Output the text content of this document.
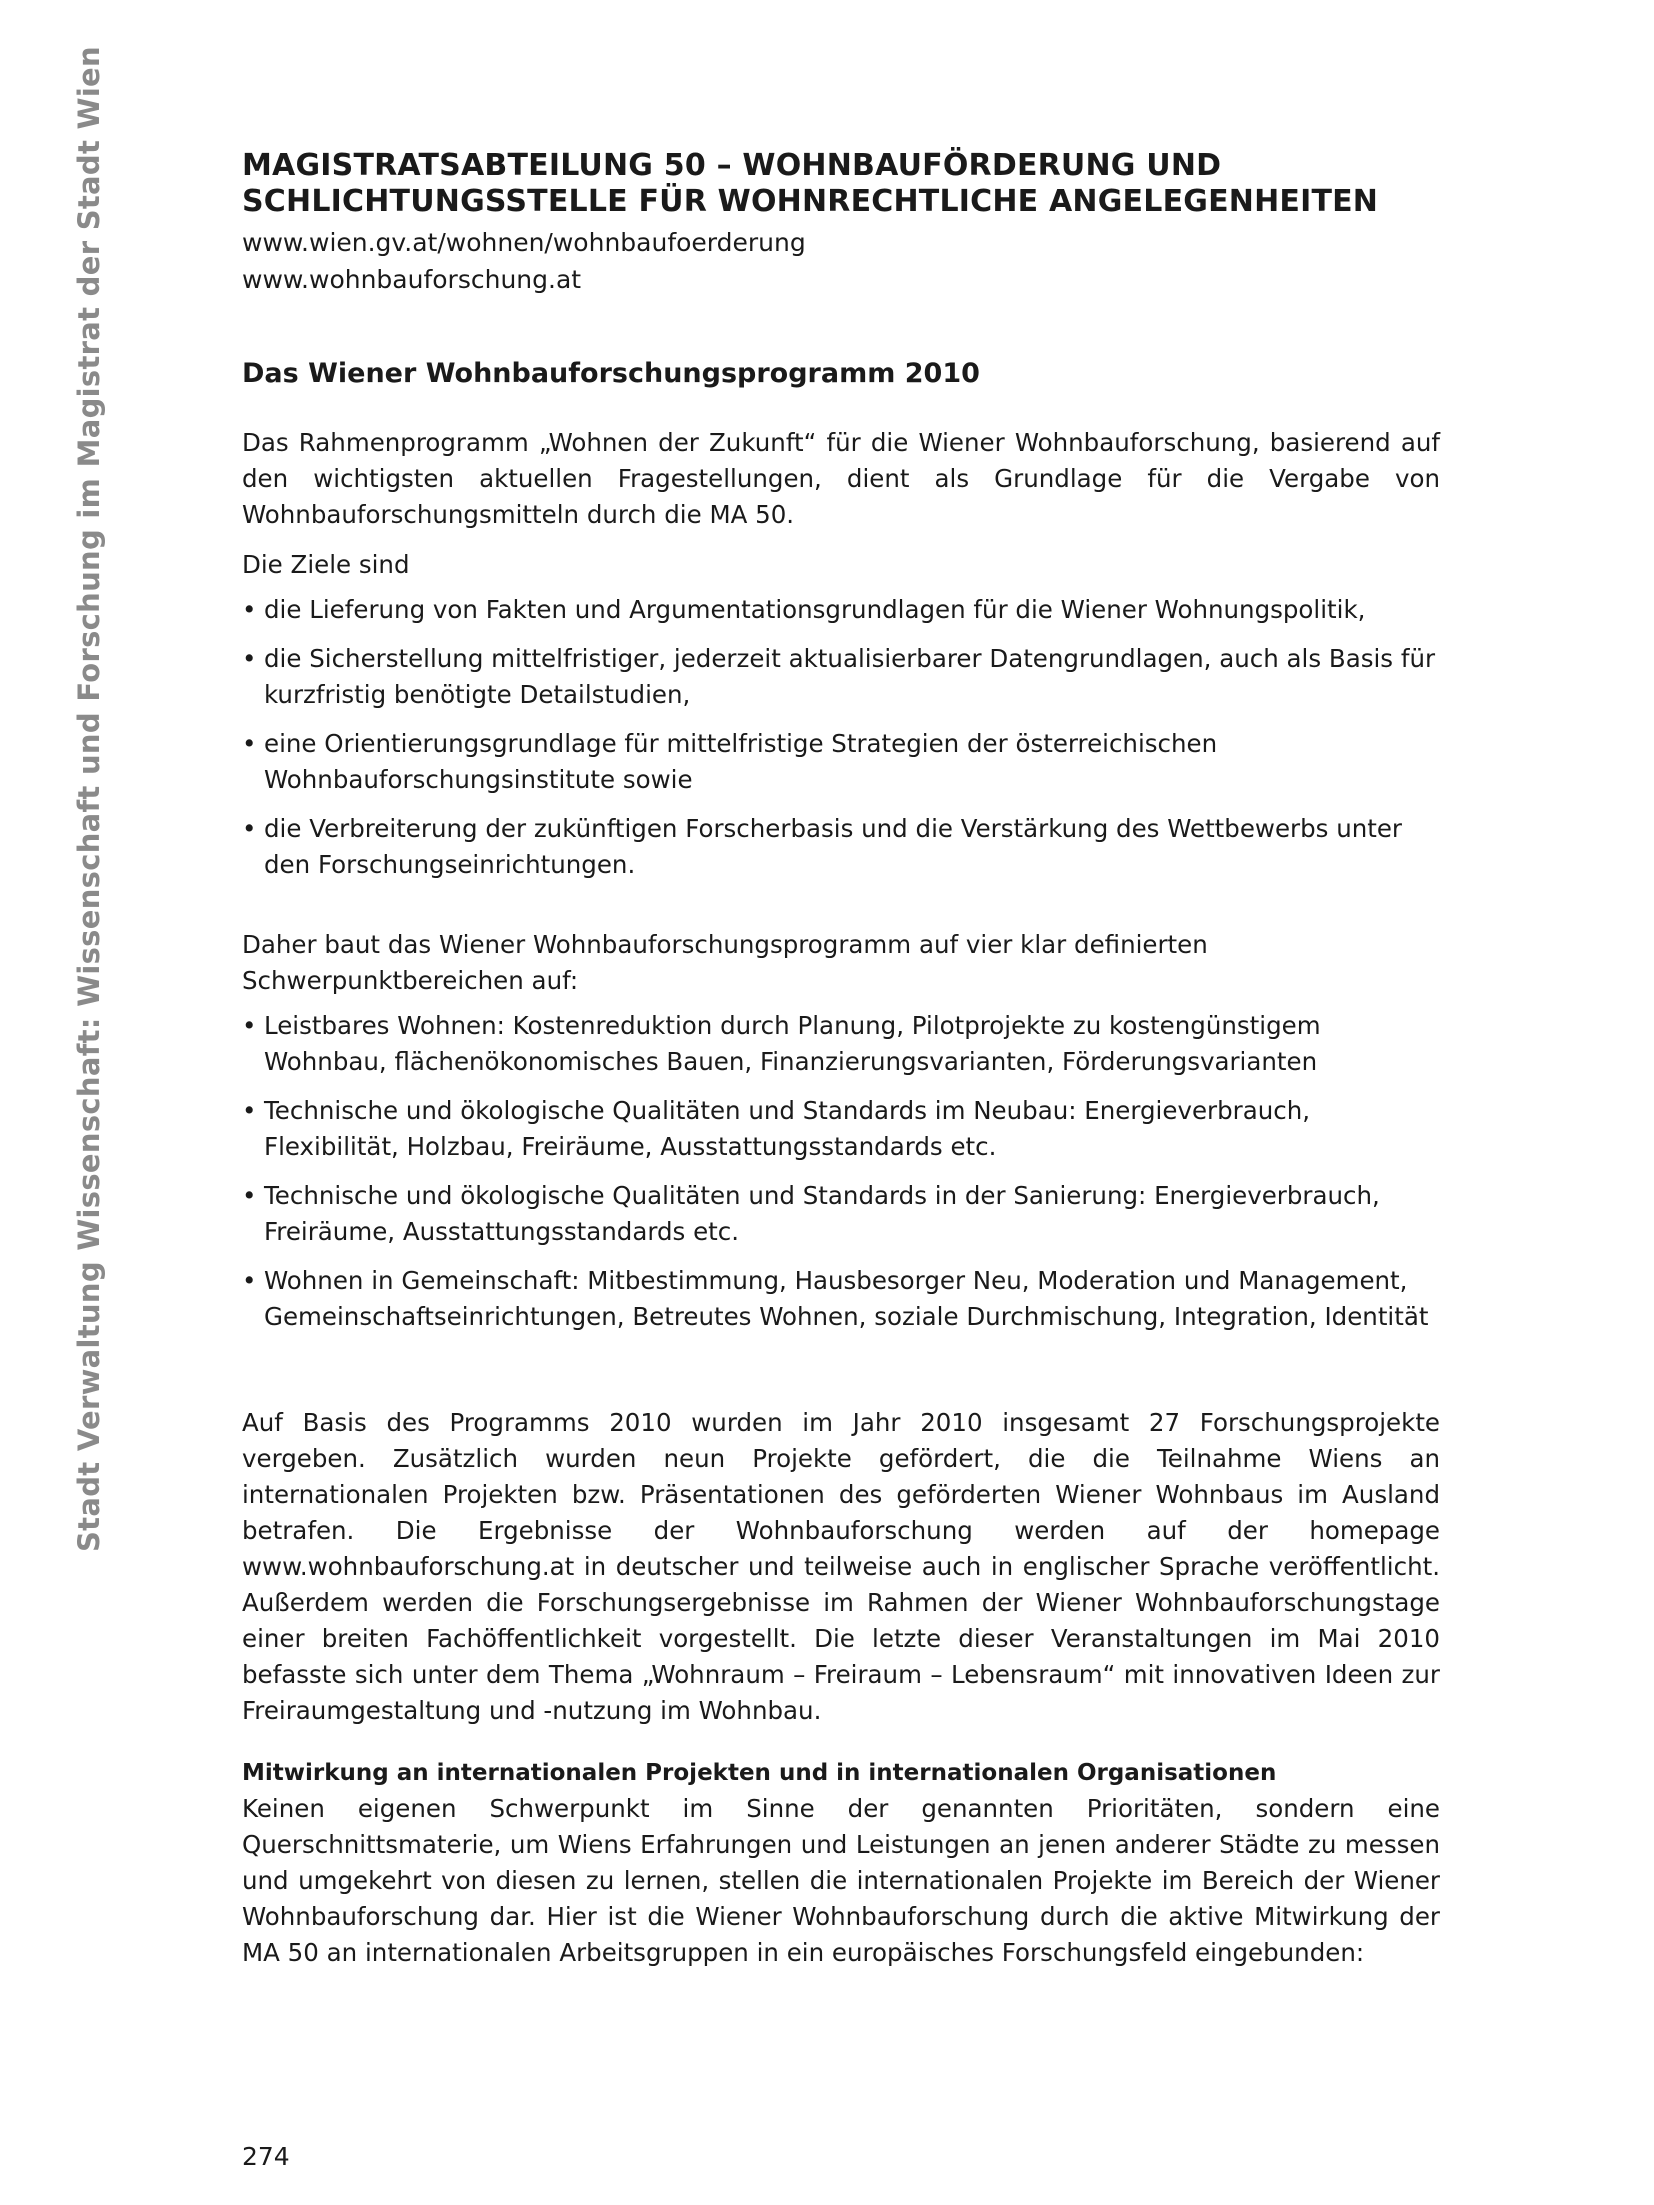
Stadt Verwaltung Wissenschaft: Wissenschaft und Forschung im Magistrat der Stadt Wien	MAGISTRATSABTEILUNG 50 – WOHNBAUFÖRDERUNG UND

SCHLICHTUNGSSTELLE FÜR WOHNRECHTLICHE ANGELEGENHEITEN

www.wien.gv.at/wohnen/wohnbaufoerderung

www.wohnbauforschung.at

Das Wiener Wohnbauforschungsprogramm 2010

Das Rahmenprogramm „Wohnen der Zukunft“ für die Wiener Wohnbauforschung, basierend auf den wichtigsten aktuellen Fragestellungen, dient als Grundlage für die Vergabe von Wohnbauforschungsmitteln durch die MA 50.

Die Ziele sind

• die Lieferung von Fakten und Argumentationsgrundlagen für die Wiener Wohnungspolitik,
• die Sicherstellung mittelfristiger, jederzeit aktualisierbarer Datengrundlagen, auch als Basis für kurzfristig benötigte Detailstudien,
• eine Orientierungsgrundlage für mittelfristige Strategien der österreichischen Wohnbauforschungsinstitute sowie
• die Verbreiterung der zukünftigen Forscherbasis und die Verstärkung des Wettbewerbs unter den Forschungseinrichtungen.

Daher baut das Wiener Wohnbauforschungsprogramm auf vier klar definierten Schwerpunktbereichen auf:

• Leistbares Wohnen: Kostenreduktion durch Planung, Pilotprojekte zu kostengünstigem Wohnbau, flächenökonomisches Bauen, Finanzierungsvarianten, Förderungsvarianten
• Technische und ökologische Qualitäten und Standards im Neubau: Energieverbrauch, Flexibilität, Holzbau, Freiräume, Ausstattungsstandards etc.
• Technische und ökologische Qualitäten und Standards in der Sanierung: Energieverbrauch, Freiräume, Ausstattungsstandards etc.
• Wohnen in Gemeinschaft: Mitbestimmung, Hausbesorger Neu, Moderation und Management, Gemeinschaftseinrichtungen, Betreutes Wohnen, soziale Durchmischung, Integration, Identität

Auf Basis des Programms 2010 wurden im Jahr 2010 insgesamt 27 Forschungsprojekte vergeben. Zusätzlich wurden neun Projekte gefördert, die die Teilnahme Wiens an internationalen Projekten bzw. Präsentationen des geförderten Wiener Wohnbaus im Ausland betrafen. Die Ergebnisse der Wohnbauforschung werden auf der homepage www.wohnbauforschung.at in deutscher und teilweise auch in englischer Sprache veröffentlicht. Außerdem werden die Forschungsergebnisse im Rahmen der Wiener Wohnbauforschungstage einer breiten Fachöffentlichkeit vorgestellt. Die letzte dieser Veranstaltungen im Mai 2010 befasste sich unter dem Thema „Wohnraum – Freiraum – Lebensraum“ mit innovativen Ideen zur Freiraumgestaltung und -nutzung im Wohnbau.

Mitwirkung an internationalen Projekten und in internationalen Organisationen

Keinen eigenen Schwerpunkt im Sinne der genannten Prioritäten, sondern eine Querschnittsmaterie, um Wiens Erfahrungen und Leistungen an jenen anderer Städte zu messen und umgekehrt von diesen zu lernen, stellen die internationalen Projekte im Bereich der Wiener Wohnbauforschung dar. Hier ist die Wiener Wohnbauforschung durch die aktive Mitwirkung der MA 50 an internationalen Arbeitsgruppen in ein europäisches Forschungsfeld eingebunden:

274
